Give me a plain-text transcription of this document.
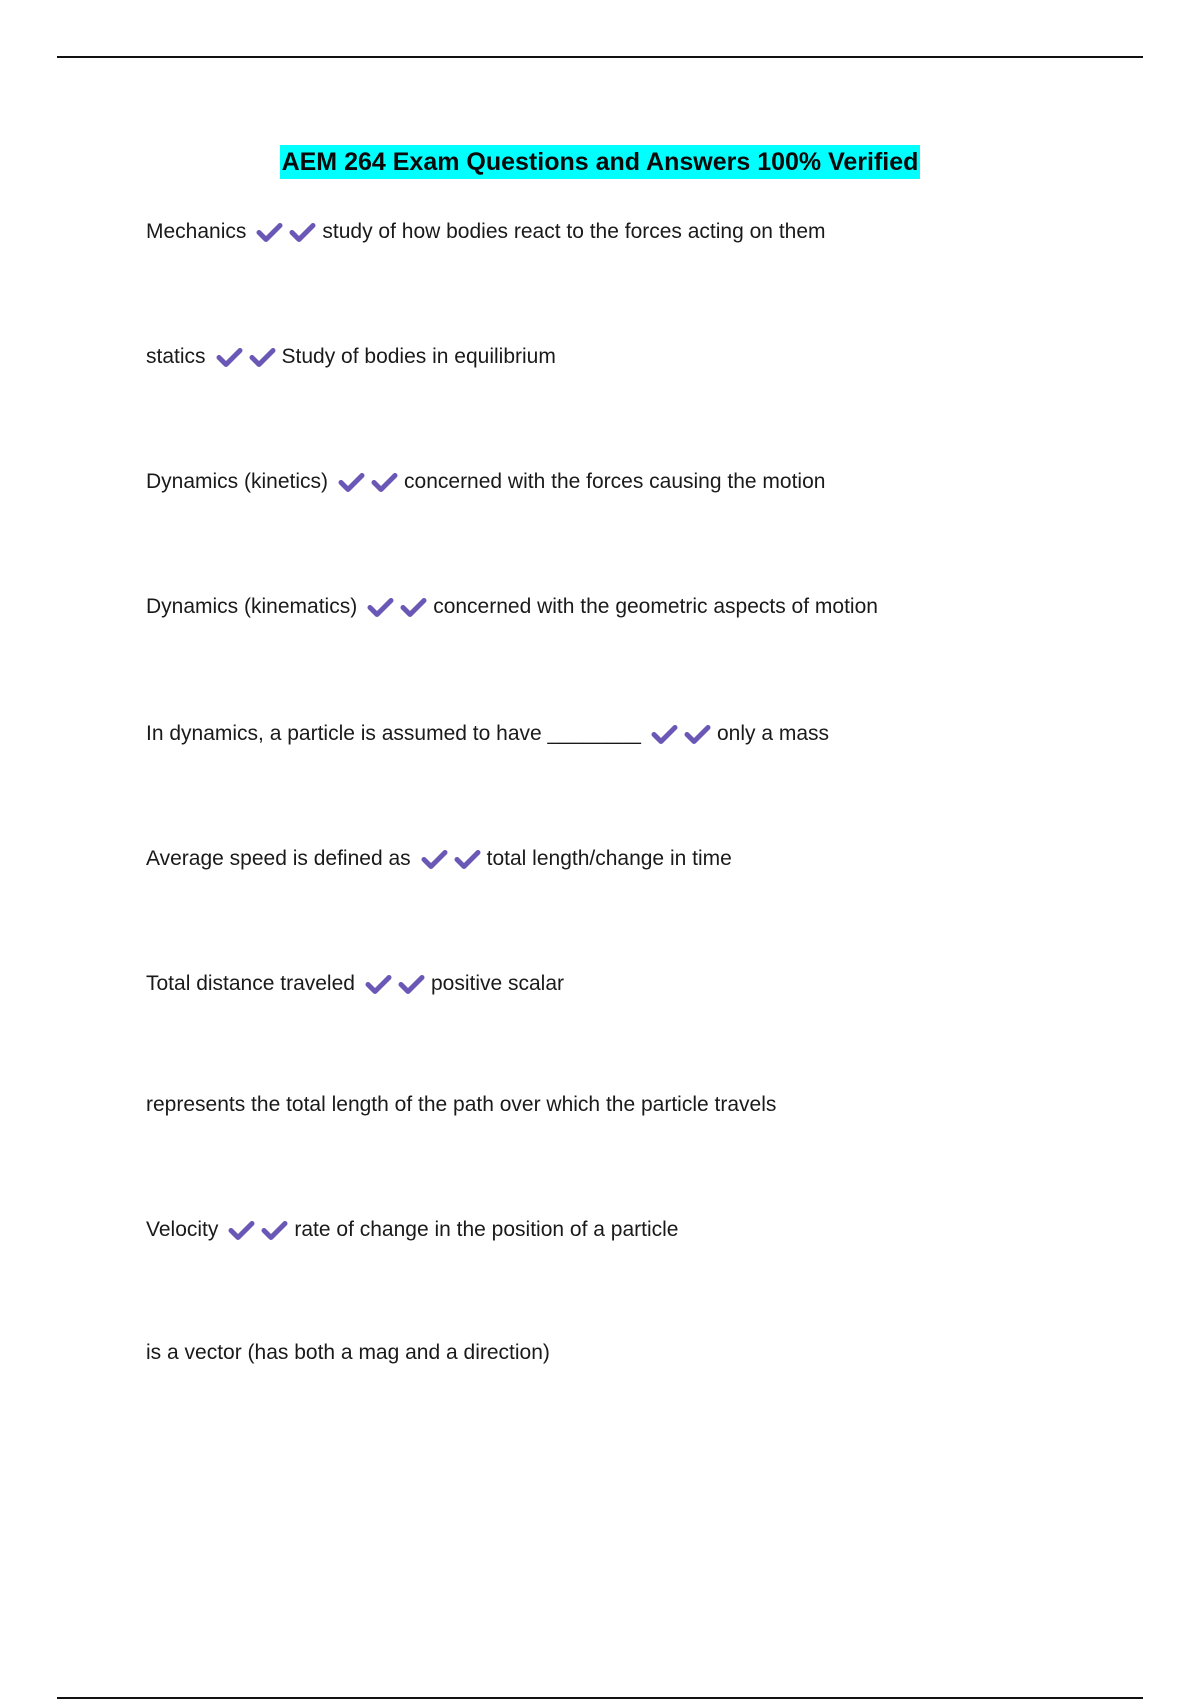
AEM 264 Exam Questions and Answers 100% Verified
Mechanics	study of how bodies react to the forces acting on them
statics	Study of bodies in equilibrium
Dynamics (kinetics)	concerned with the forces causing the motion
Dynamics (kinematics)	concerned with the geometric aspects of motion
In dynamics, a particle is assumed to have ________	only a mass
Average speed is defined as	total length/change in time
Total distance traveled	positive scalar
represents the total length of the path over which the particle travels
Velocity	rate of change in the position of a particle
is a vector (has both a mag and a direction)
